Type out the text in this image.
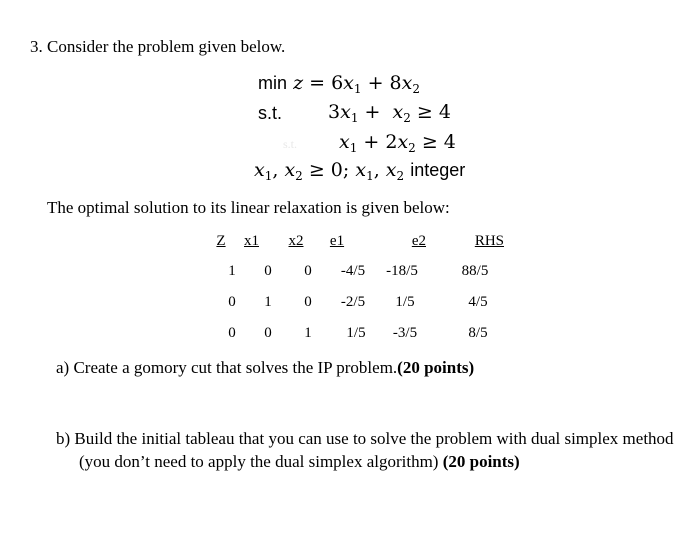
3. Consider the problem given below.
$\min z = 6x_1 + 8x_2$
s.t. $3x_1 + x_2 \ge 4$
s.t. $x_1 + 2x_2 \ge 4$
$x_1$, $x_2 \ge 0$; $x_1$, $x_2$ integer
The optimal solution to its linear relaxation is given below:
Z	x1	x2	e1	e2	RHS
1	0	0	-4/5	-18/5	88/5
0	1	0	-2/5	1/5	4/5
0	0	1	1/5	-3/5	8/5
a) Create a gomory cut that solves the IP problem.(20 points)
b) Build the initial tableau that you can use to solve the problem with dual simplex method
(you don’t need to apply the dual simplex algorithm) (20 points)
